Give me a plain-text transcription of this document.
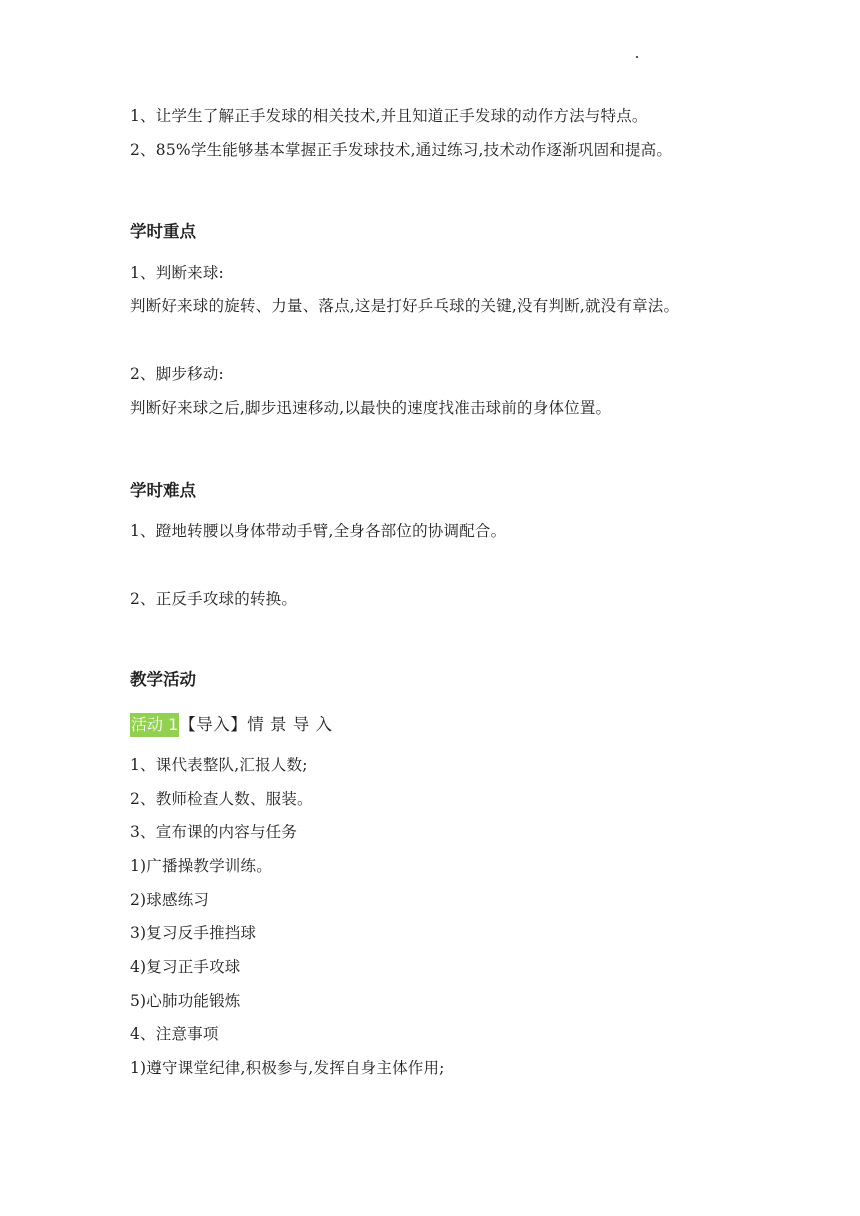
1、让学生了解正手发球的相关技术,并且知道正手发球的动作方法与特点。
2、85%学生能够基本掌握正手发球技术,通过练习,技术动作逐渐巩固和提高。
学时重点
1、判断来球:
判断好来球的旋转、力量、落点,这是打好乒乓球的关键,没有判断,就没有章法。
2、脚步移动:
判断好来球之后,脚步迅速移动,以最快的速度找准击球前的身体位置。
学时难点
1、蹬地转腰以身体带动手臂,全身各部位的协调配合。
2、正反手攻球的转换。
教学活动
活动 1 【导入】情 景 导 入
1、课代表整队,汇报人数;
2、教师检查人数、服装。
3、宣布课的内容与任务
1)广播操教学训练。
2)球感练习
3)复习反手推挡球
4)复习正手攻球
5)心肺功能锻炼
4、注意事项
1)遵守课堂纪律,积极参与,发挥自身主体作用;
